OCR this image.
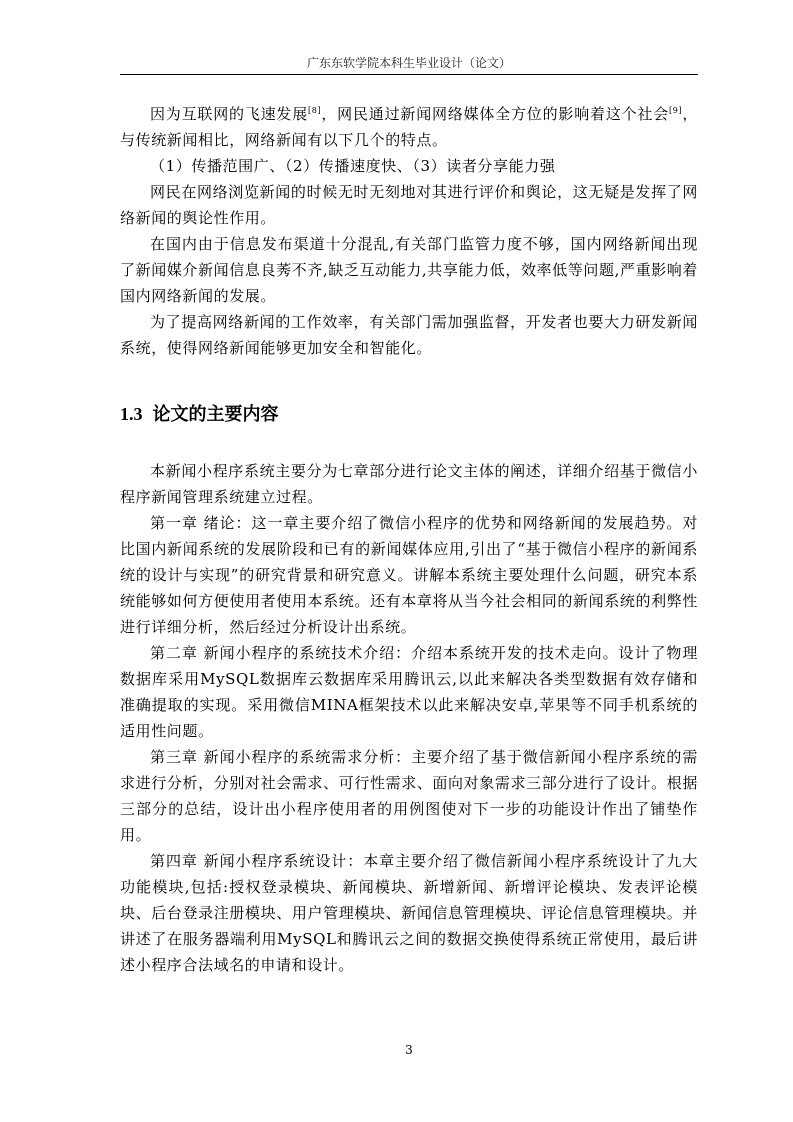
广东东软学院本科生毕业设计（论文）

因为互联网的飞速发展[8]，网民通过新闻网络媒体全方位的影响着这个社会[9]，与传统新闻相比，网络新闻有以下几个的特点。

（1）传播范围广、（2）传播速度快、（3）读者分享能力强

网民在网络浏览新闻的时候无时无刻地对其进行评价和舆论，这无疑是发挥了网络新闻的舆论性作用。

在国内由于信息发布渠道十分混乱,有关部门监管力度不够，国内网络新闻出现了新闻媒介新闻信息良莠不齐,缺乏互动能力,共享能力低，效率低等问题,严重影响着国内网络新闻的发展。

为了提高网络新闻的工作效率，有关部门需加强监督，开发者也要大力研发新闻系统，使得网络新闻能够更加安全和智能化。

1.3 论文的主要内容

本新闻小程序系统主要分为七章部分进行论文主体的阐述，详细介绍基于微信小程序新闻管理系统建立过程。

第一章 绪论：这一章主要介绍了微信小程序的优势和网络新闻的发展趋势。对比国内新闻系统的发展阶段和已有的新闻媒体应用,引出了“基于微信小程序的新闻系统的设计与实现”的研究背景和研究意义。讲解本系统主要处理什么问题，研究本系统能够如何方便使用者使用本系统。还有本章将从当今社会相同的新闻系统的利弊性进行详细分析，然后经过分析设计出系统。

第二章 新闻小程序的系统技术介绍：介绍本系统开发的技术走向。设计了物理数据库采用MySQL数据库云数据库采用腾讯云,以此来解决各类型数据有效存储和准确提取的实现。采用微信MINA框架技术以此来解决安卓,苹果等不同手机系统的适用性问题。

第三章 新闻小程序的系统需求分析：主要介绍了基于微信新闻小程序系统的需求进行分析，分别对社会需求、可行性需求、面向对象需求三部分进行了设计。根据三部分的总结，设计出小程序使用者的用例图使对下一步的功能设计作出了铺垫作用。

第四章 新闻小程序系统设计：本章主要介绍了微信新闻小程序系统设计了九大功能模块,包括:授权登录模块、新闻模块、新增新闻、新增评论模块、发表评论模块、后台登录注册模块、用户管理模块、新闻信息管理模块、评论信息管理模块。并讲述了在服务器端利用MySQL和腾讯云之间的数据交换使得系统正常使用，最后讲述小程序合法域名的申请和设计。

3
